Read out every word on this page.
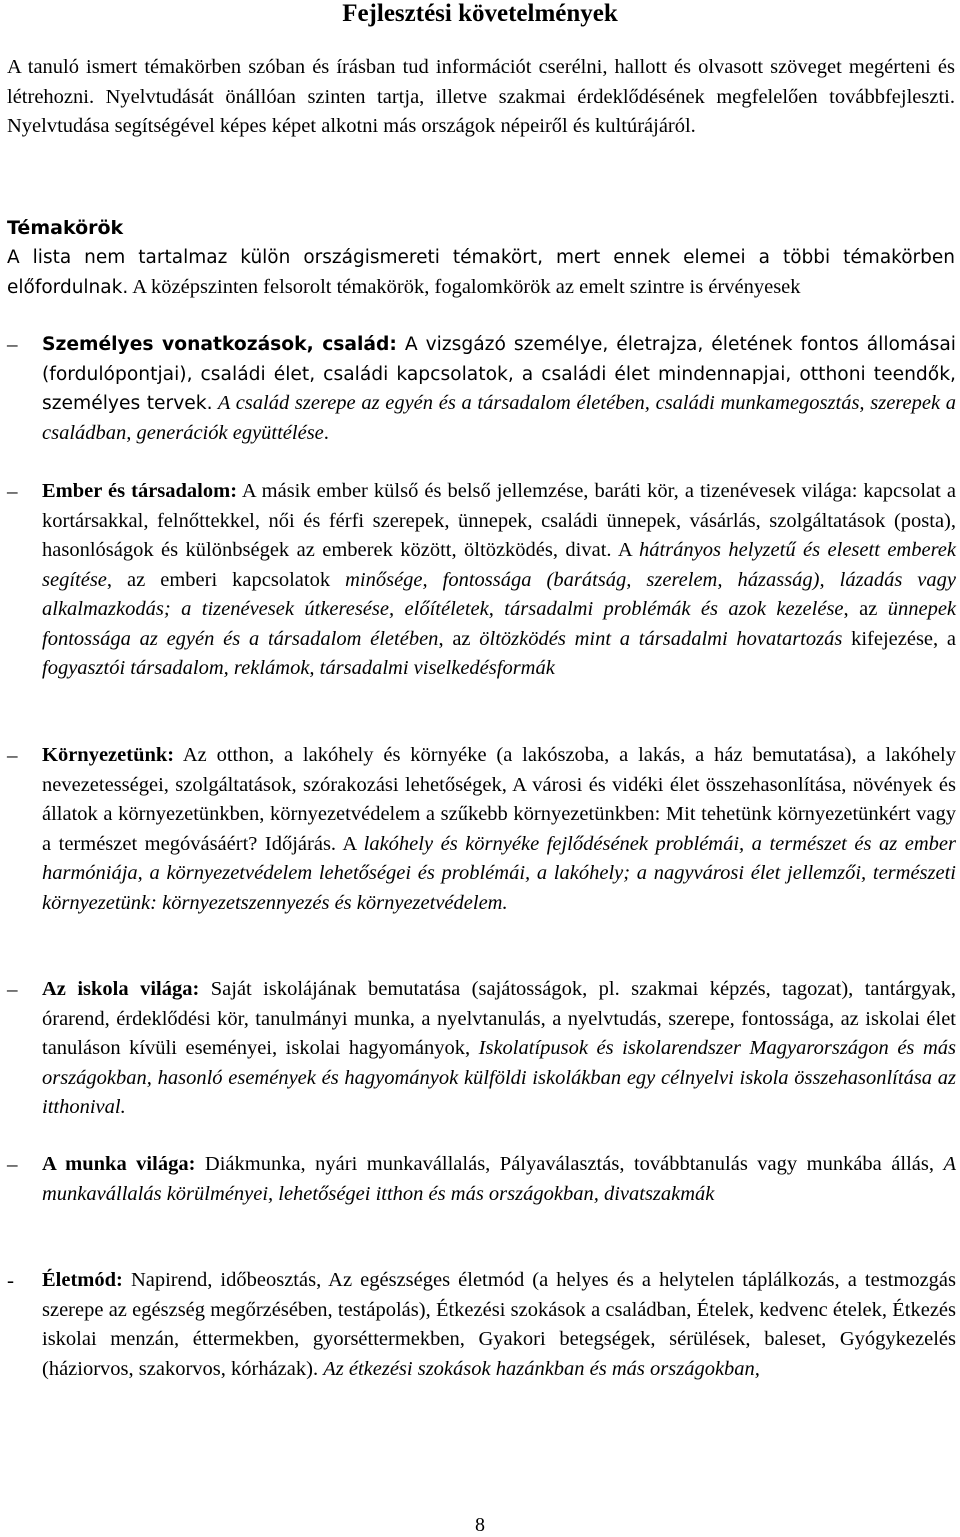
Fejlesztési követelmények
A tanuló ismert témakörben szóban és írásban tud információt cserélni, hallott és olvasott szöveget megérteni és létrehozni. Nyelvtudását önállóan szinten tartja, illetve szakmai érdeklődésének megfelelően továbbfejleszti. Nyelvtudása segítségével képes képet alkotni más országok népeiről és kultúrájáról.
Témakörök
A lista nem tartalmaz külön országismereti témakört, mert ennek elemei a többi témakörben előfordulnak. A középszinten felsorolt témakörök, fogalomkörök az emelt szintre is érvényesek
–	Személyes vonatkozások, család: A vizsgázó személye, életrajza, életének fontos állomásai (fordulópontjai), családi élet, családi kapcsolatok, a családi élet mindennapjai, otthoni teendők, személyes tervek. A család szerepe az egyén és a társadalom életében, családi munkamegosztás, szerepek a családban, generációk együttélése.
–	Ember és társadalom: A másik ember külső és belső jellemzése, baráti kör, a tizenévesek világa: kapcsolat a kortársakkal, felnőttekkel, női és férfi szerepek, ünnepek, családi ünnepek, vásárlás, szolgáltatások (posta), hasonlóságok és különbségek az emberek között, öltözködés, divat. A hátrányos helyzetű és elesett emberek segítése, az emberi kapcsolatok minősége, fontossága (barátság, szerelem, házasság), lázadás vagy alkalmazkodás; a tizenévesek útkeresése, előítéletek, társadalmi problémák és azok kezelése, az ünnepek fontossága az egyén és a társadalom életében, az öltözködés mint a társadalmi hovatartozás kifejezése, a fogyasztói társadalom, reklámok, társadalmi viselkedésformák
–	Környezetünk: Az otthon, a lakóhely és környéke (a lakószoba, a lakás, a ház bemutatása), a lakóhely nevezetességei, szolgáltatások, szórakozási lehetőségek, A városi és vidéki élet összehasonlítása, növények és állatok a környezetünkben, környezetvédelem a szűkebb környezetünkben: Mit tehetünk környezetünkért vagy a természet megóvásáért? Időjárás. A lakóhely és környéke fejlődésének problémái, a természet és az ember harmóniája, a környezetvédelem lehetőségei és problémái, a lakóhely; a nagyvárosi élet jellemzői, természeti környezetünk: környezetszennyezés és környezetvédelem.
–	Az iskola világa: Saját iskolájának bemutatása (sajátosságok, pl. szakmai képzés, tagozat), tantárgyak, órarend, érdeklődési kör, tanulmányi munka, a nyelvtanulás, a nyelvtudás, szerepe, fontossága, az iskolai élet tanuláson kívüli eseményei, iskolai hagyományok, Iskolatípusok és iskolarendszer Magyarországon és más országokban, hasonló események és hagyományok külföldi iskolákban egy célnyelvi iskola összehasonlítása az itthonival.
–	A munka világa: Diákmunka, nyári munkavállalás, Pályaválasztás, továbbtanulás vagy munkába állás, A munkavállalás körülményei, lehetőségei itthon és más országokban, divatszakmák
-	Életmód: Napirend, időbeosztás, Az egészséges életmód (a helyes és a helytelen táplálkozás, a testmozgás szerepe az egészség megőrzésében, testápolás), Étkezési szokások a családban, Ételek, kedvenc ételek, Étkezés iskolai menzán, éttermekben, gyorséttermekben, Gyakori betegségek, sérülések, baleset, Gyógykezelés (háziorvos, szakorvos, kórházak). Az étkezési szokások hazánkban és más országokban,
8
